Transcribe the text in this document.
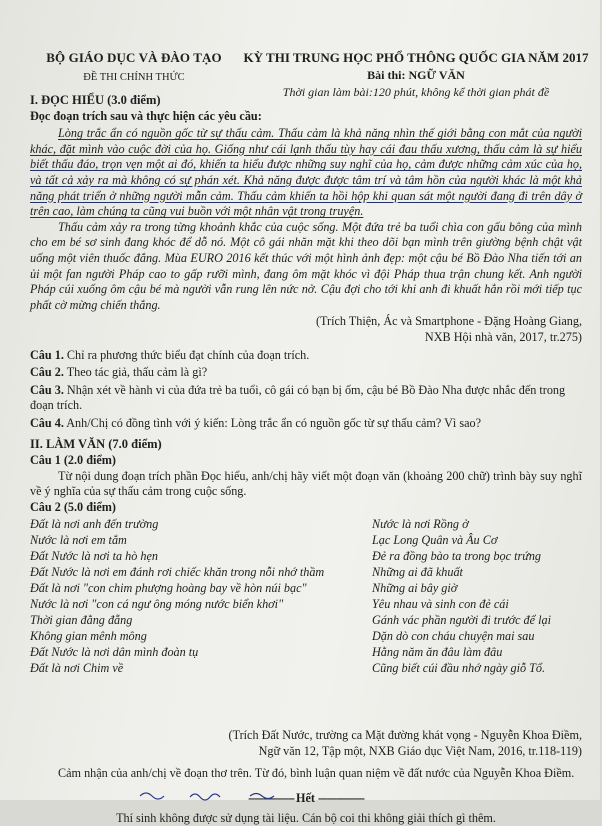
BỘ GIÁO DỤC VÀ ĐÀO TẠO
ĐỀ THI CHÍNH THỨC
KỲ THI TRUNG HỌC PHỔ THÔNG QUỐC GIA NĂM 2017
Bài thi: NGỮ VĂN
Thời gian làm bài:120 phút, không kể thời gian phát đề
I. ĐỌC HIỂU (3.0 điểm)
Đọc đoạn trích sau và thực hiện các yêu cầu:

Lòng trắc ẩn có nguồn gốc từ sự thấu cảm. Thấu cảm là khả năng nhìn thế giới bằng con mắt của người khác, đặt mình vào cuộc đời của họ. Giống như cái lạnh thấu tùy hay cái đau thấu xương, thấu cảm là sự hiểu biết thấu đáo, trọn vẹn một ai đó, khiến ta hiểu được những suy nghĩ của họ, cảm được những cảm xúc của họ, và tất cả xảy ra mà không có sự phán xét. Khả năng được được tâm trí và tâm hồn của người khác là một khả năng phát triển ở những người mẫn cảm. Thấu cảm khiến ta hồi hộp khi quan sát một người đang đi trên dây ở trên cao, làm chúng ta cũng vui buồn với một nhân vật trong truyện.

Thấu cảm xảy ra trong từng khoảnh khắc của cuộc sống. Một đứa trẻ ba tuổi chìa con gấu bông của mình cho em bé sơ sinh đang khóc để dỗ nó. Một cô gái nhăn mặt khi theo dõi bạn mình trên giường bệnh chật vật uống một viên thuốc đắng. Mùa EURO 2016 kết thúc với một hình ảnh đẹp: một cậu bé Bồ Đào Nha tiến tới an ủi một fan người Pháp cao to gấp rưỡi mình, đang ôm mặt khóc vì đội Pháp thua trận chung kết. Anh người Pháp cúi xuống ôm cậu bé mà người vẫn rung lên nức nở. Cậu đợi cho tới khi anh đi khuất hẳn rồi mới tiếp tục phất cờ mừng chiến thắng.

(Trích Thiện, Ác và Smartphone - Đặng Hoàng Giang,
NXB Hội nhà văn, 2017, tr.275)
Câu 1. Chỉ ra phương thức biểu đạt chính của đoạn trích.
Câu 2. Theo tác giả, thấu cảm là gì?
Câu 3. Nhận xét về hành vi của đứa trẻ ba tuổi, cô gái có bạn bị ốm, cậu bé Bồ Đào Nha được nhắc đến trong đoạn trích.
Câu 4. Anh/Chị có đồng tình với ý kiến: Lòng trắc ẩn có nguồn gốc từ sự thấu cảm? Vì sao?
II. LÀM VĂN (7.0 điểm)
Câu 1 (2.0 điểm)
Từ nội dung đoạn trích phần Đọc hiểu, anh/chị hãy viết một đoạn văn (khoảng 200 chữ) trình bày suy nghĩ về ý nghĩa của sự thấu cảm trong cuộc sống.
Câu 2 (5.0 điểm)
Đất là nơi anh đến trường
Nước là nơi em tắm
Đất Nước là nơi ta hò hẹn
Đất Nước là nơi em đánh rơi chiếc khăn trong nỗi nhớ thầm
Đất là nơi "con chim phượng hoàng bay về hòn núi bạc"
Nước là nơi "con cá ngư ông móng nước biển khơi"
Thời gian đằng đẵng
Không gian mênh mông
Đất Nước là nơi dân mình đoàn tụ
Đất là nơi Chim về
Nước là nơi Rồng ở
Lạc Long Quân và Âu Cơ
Đẻ ra đồng bào ta trong bọc trứng
Những ai đã khuất
Những ai bây giờ
Yêu nhau và sinh con đẻ cái
Gánh vác phần người đi trước để lại
Dặn dò con cháu chuyện mai sau
Hằng năm ăn đâu làm đâu
Cũng biết cúi đầu nhớ ngày giỗ Tổ.
(Trích Đất Nước, trường ca Mặt đường khát vọng - Nguyễn Khoa Điềm,
Ngữ văn 12, Tập một, NXB Giáo dục Việt Nam, 2016, tr.118-119)
Cảm nhận của anh/chị về đoạn thơ trên. Từ đó, bình luận quan niệm về đất nước của Nguyễn Khoa Điềm.
--------------- Hết ---------------
Thí sinh không được sử dụng tài liệu. Cán bộ coi thi không giải thích gì thêm.
